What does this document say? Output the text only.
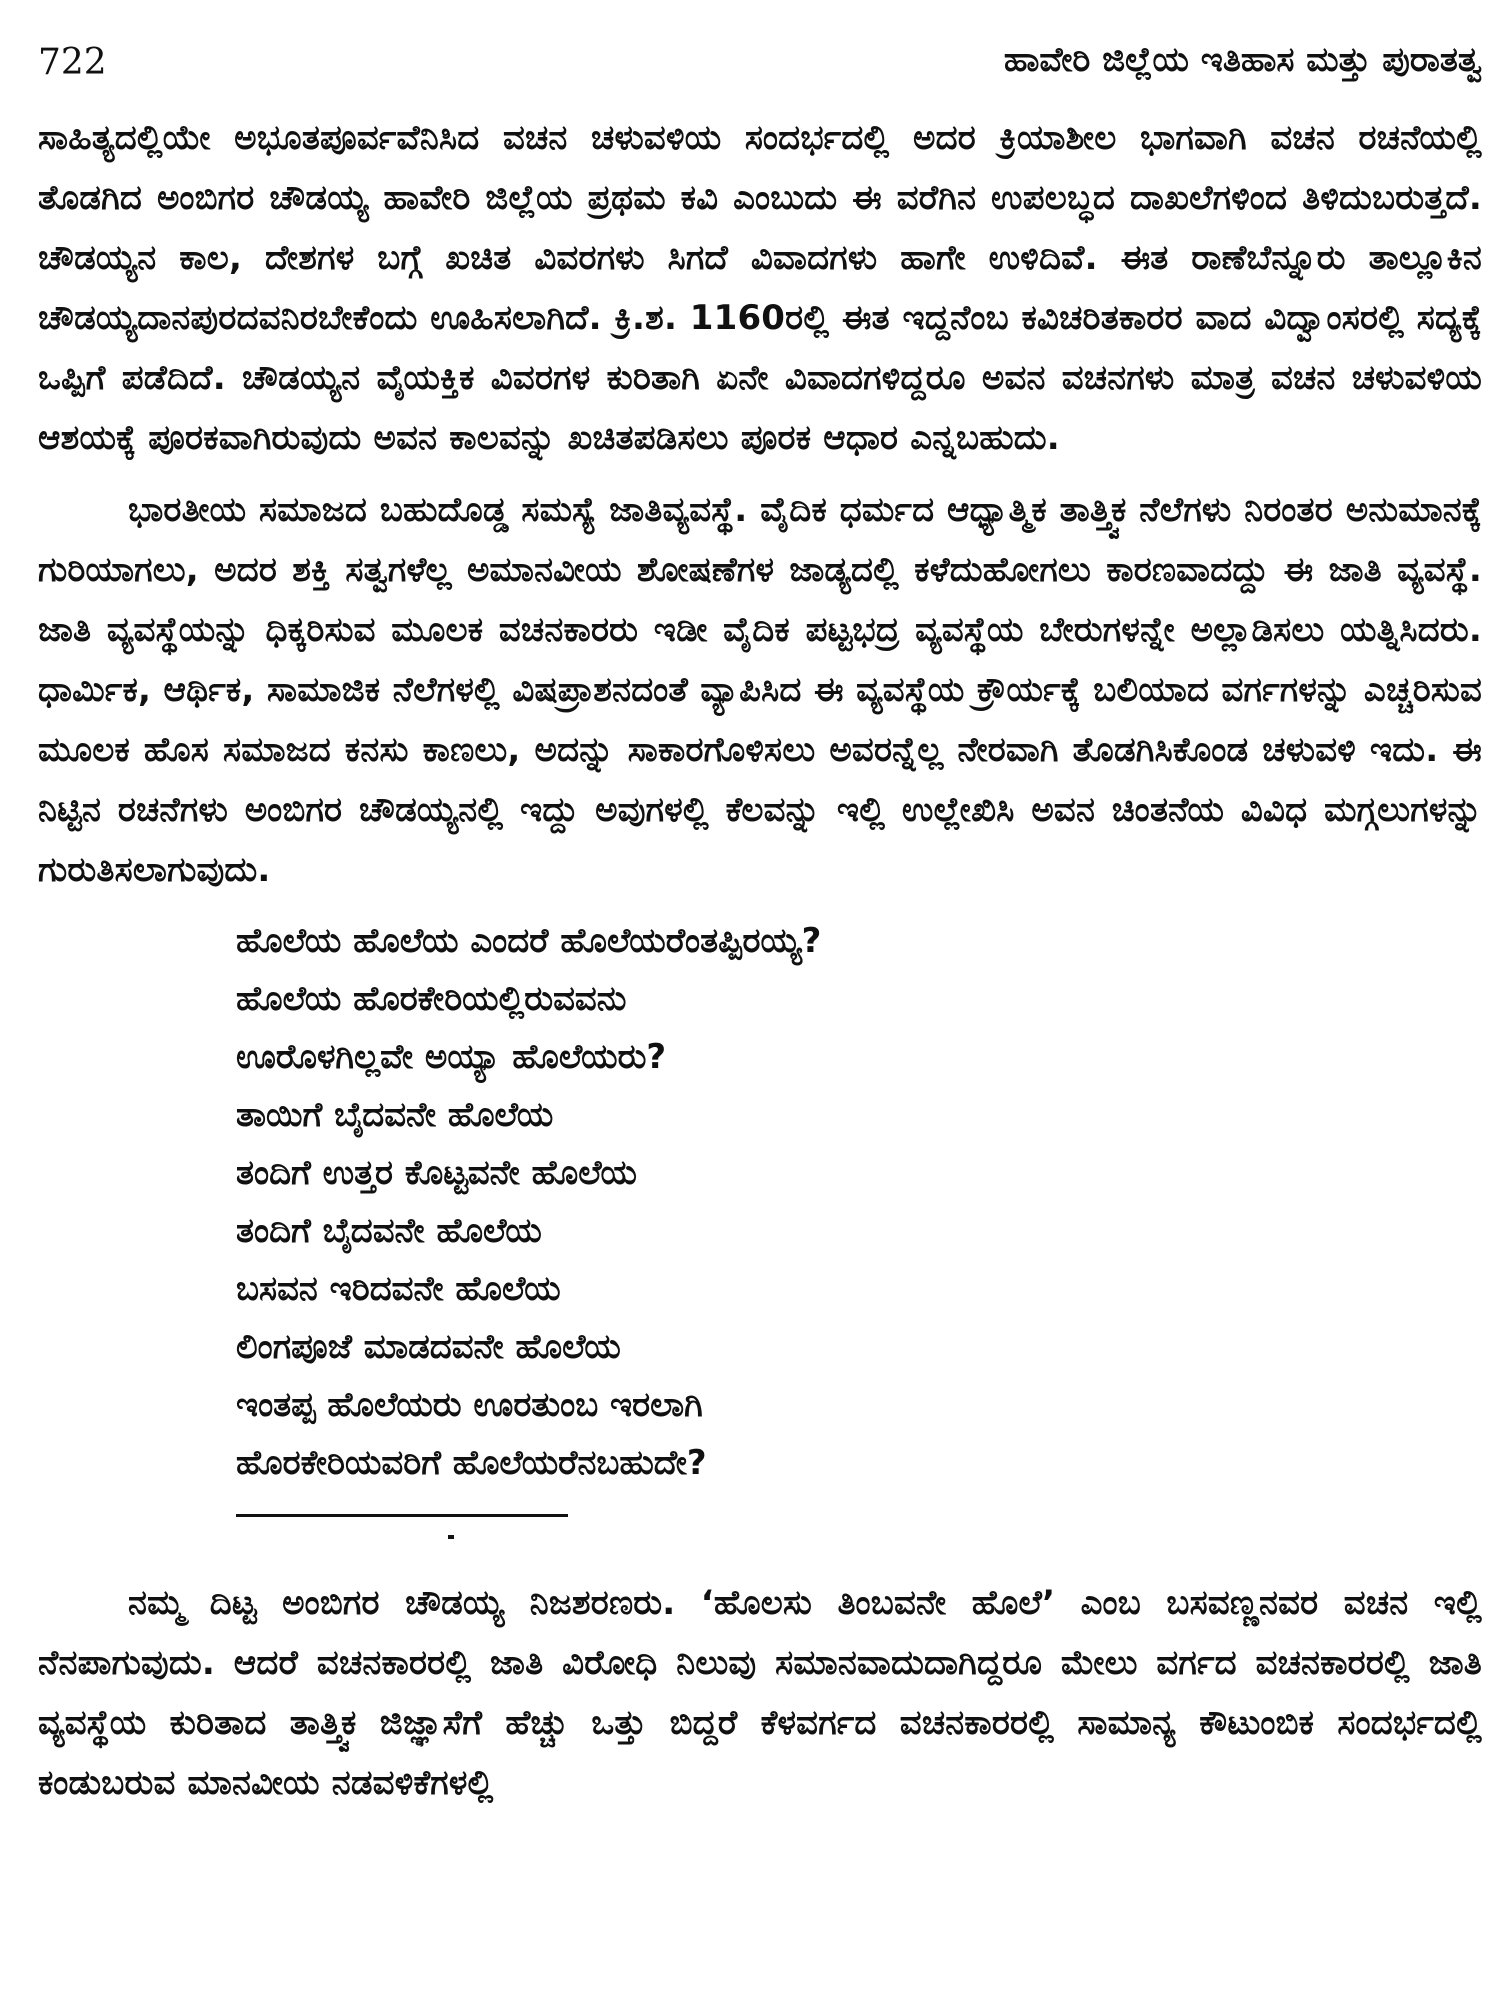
722	ಹಾವೇರಿ ಜಿಲ್ಲೆಯ ಇತಿಹಾಸ ಮತ್ತು ಪುರಾತತ್ವ

ಸಾಹಿತ್ಯದಲ್ಲಿಯೇ ಅಭೂತಪೂರ್ವವೆನಿಸಿದ ವಚನ ಚಳುವಳಿಯ ಸಂದರ್ಭದಲ್ಲಿ ಅದರ ಕ್ರಿಯಾಶೀಲ ಭಾಗವಾಗಿ ವಚನ ರಚನೆಯಲ್ಲಿ ತೊಡಗಿದ ಅಂಬಿಗರ ಚೌಡಯ್ಯ ಹಾವೇರಿ ಜಿಲ್ಲೆಯ ಪ್ರಥಮ ಕವಿ ಎಂಬುದು ಈ ವರೆಗಿನ ಉಪಲಬ್ಧದ ದಾಖಲೆಗಳಿಂದ ತಿಳಿದುಬರುತ್ತದೆ. ಚೌಡಯ್ಯನ ಕಾಲ, ದೇಶಗಳ ಬಗ್ಗೆ ಖಚಿತ ವಿವರಗಳು ಸಿಗದೆ ವಿವಾದಗಳು ಹಾಗೇ ಉಳಿದಿವೆ. ಈತ ರಾಣೆಬೆನ್ನೂರು ತಾಲ್ಲೂಕಿನ ಚೌಡಯ್ಯದಾನಪುರದವನಿರಬೇಕೆಂದು ಊಹಿಸಲಾಗಿದೆ. ಕ್ರಿ.ಶ. 1160ರಲ್ಲಿ ಈತ ಇದ್ದನೆಂಬ ಕವಿಚರಿತಕಾರರ ವಾದ ವಿದ್ವಾಂಸರಲ್ಲಿ ಸದ್ಯಕ್ಕೆ ಒಪ್ಪಿಗೆ ಪಡೆದಿದೆ. ಚೌಡಯ್ಯನ ವೈಯಕ್ತಿಕ ವಿವರಗಳ ಕುರಿತಾಗಿ ಏನೇ ವಿವಾದಗಳಿದ್ದರೂ ಅವನ ವಚನಗಳು ಮಾತ್ರ ವಚನ ಚಳುವಳಿಯ ಆಶಯಕ್ಕೆ ಪೂರಕವಾಗಿರುವುದು ಅವನ ಕಾಲವನ್ನು ಖಚಿತಪಡಿಸಲು ಪೂರಕ ಆಧಾರ ಎನ್ನಬಹುದು.

ಭಾರತೀಯ ಸಮಾಜದ ಬಹುದೊಡ್ಡ ಸಮಸ್ಯೆ ಜಾತಿವ್ಯವಸ್ಥೆ. ವೈದಿಕ ಧರ್ಮದ ಆಧ್ಯಾತ್ಮಿಕ ತಾತ್ತ್ವಿಕ ನೆಲೆಗಳು ನಿರಂತರ ಅನುಮಾನಕ್ಕೆ ಗುರಿಯಾಗಲು, ಅದರ ಶಕ್ತಿ ಸತ್ವಗಳೆಲ್ಲ ಅಮಾನವೀಯ ಶೋಷಣೆಗಳ ಜಾಡ್ಯದಲ್ಲಿ ಕಳೆದುಹೋಗಲು ಕಾರಣವಾದದ್ದು ಈ ಜಾತಿ ವ್ಯವಸ್ಥೆ. ಜಾತಿ ವ್ಯವಸ್ಥೆಯನ್ನು ಧಿಕ್ಕರಿಸುವ ಮೂಲಕ ವಚನಕಾರರು ಇಡೀ ವೈದಿಕ ಪಟ್ಟಭದ್ರ ವ್ಯವಸ್ಥೆಯ ಬೇರುಗಳನ್ನೇ ಅಲ್ಲಾಡಿಸಲು ಯತ್ನಿಸಿದರು. ಧಾರ್ಮಿಕ, ಆರ್ಥಿಕ, ಸಾಮಾಜಿಕ ನೆಲೆಗಳಲ್ಲಿ ವಿಷಪ್ರಾಶನದಂತೆ ವ್ಯಾಪಿಸಿದ ಈ ವ್ಯವಸ್ಥೆಯ ಕ್ರೌರ್ಯಕ್ಕೆ ಬಲಿಯಾದ ವರ್ಗಗಳನ್ನು ಎಚ್ಚರಿಸುವ ಮೂಲಕ ಹೊಸ ಸಮಾಜದ ಕನಸು ಕಾಣಲು, ಅದನ್ನು ಸಾಕಾರಗೊಳಿಸಲು ಅವರನ್ನೆಲ್ಲ ನೇರವಾಗಿ ತೊಡಗಿಸಿಕೊಂಡ ಚಳುವಳಿ ಇದು. ಈ ನಿಟ್ಟಿನ ರಚನೆಗಳು ಅಂಬಿಗರ ಚೌಡಯ್ಯನಲ್ಲಿ ಇದ್ದು ಅವುಗಳಲ್ಲಿ ಕೆಲವನ್ನು ಇಲ್ಲಿ ಉಲ್ಲೇಖಿಸಿ ಅವನ ಚಿಂತನೆಯ ವಿವಿಧ ಮಗ್ಗಲುಗಳನ್ನು ಗುರುತಿಸಲಾಗುವುದು.

ಹೊಲೆಯ ಹೊಲೆಯ ಎಂದರೆ ಹೊಲೆಯರೆಂತಪ್ಪಿರಯ್ಯ?
ಹೊಲೆಯ ಹೊರಕೇರಿಯಲ್ಲಿರುವವನು
ಊರೊಳಗಿಲ್ಲವೇ ಅಯ್ಯಾ ಹೊಲೆಯರು?
ತಾಯಿಗೆ ಬೈದವನೇ ಹೊಲೆಯ
ತಂದಿಗೆ ಉತ್ತರ ಕೊಟ್ಟವನೇ ಹೊಲೆಯ
ತಂದಿಗೆ ಬೈದವನೇ ಹೊಲೆಯ
ಬಸವನ ಇರಿದವನೇ ಹೊಲೆಯ
ಲಿಂಗಪೂಜೆ ಮಾಡದವನೇ ಹೊಲೆಯ
ಇಂತಪ್ಪ ಹೊಲೆಯರು ಊರತುಂಬ ಇರಲಾಗಿ
ಹೊರಕೇರಿಯವರಿಗೆ ಹೊಲೆಯರೆನಬಹುದೇ?

ನಮ್ಮ ದಿಟ್ಟ ಅಂಬಿಗರ ಚೌಡಯ್ಯ ನಿಜಶರಣರು. ‘ಹೊಲಸು ತಿಂಬವನೇ ಹೊಲೆ’ ಎಂಬ ಬಸವಣ್ಣನವರ ವಚನ ಇಲ್ಲಿ ನೆನಪಾಗುವುದು. ಆದರೆ ವಚನಕಾರರಲ್ಲಿ ಜಾತಿ ವಿರೋಧಿ ನಿಲುವು ಸಮಾನವಾದುದಾಗಿದ್ದರೂ ಮೇಲು ವರ್ಗದ ವಚನಕಾರರಲ್ಲಿ ಜಾತಿ ವ್ಯವಸ್ಥೆಯ ಕುರಿತಾದ ತಾತ್ತ್ವಿಕ ಜಿಜ್ಞಾಸೆಗೆ ಹೆಚ್ಚು ಒತ್ತು ಬಿದ್ದರೆ ಕೆಳವರ್ಗದ ವಚನಕಾರರಲ್ಲಿ ಸಾಮಾನ್ಯ ಕೌಟುಂಬಿಕ ಸಂದರ್ಭದಲ್ಲಿ ಕಂಡುಬರುವ ಮಾನವೀಯ ನಡವಳಿಕೆಗಳಲ್ಲಿ
